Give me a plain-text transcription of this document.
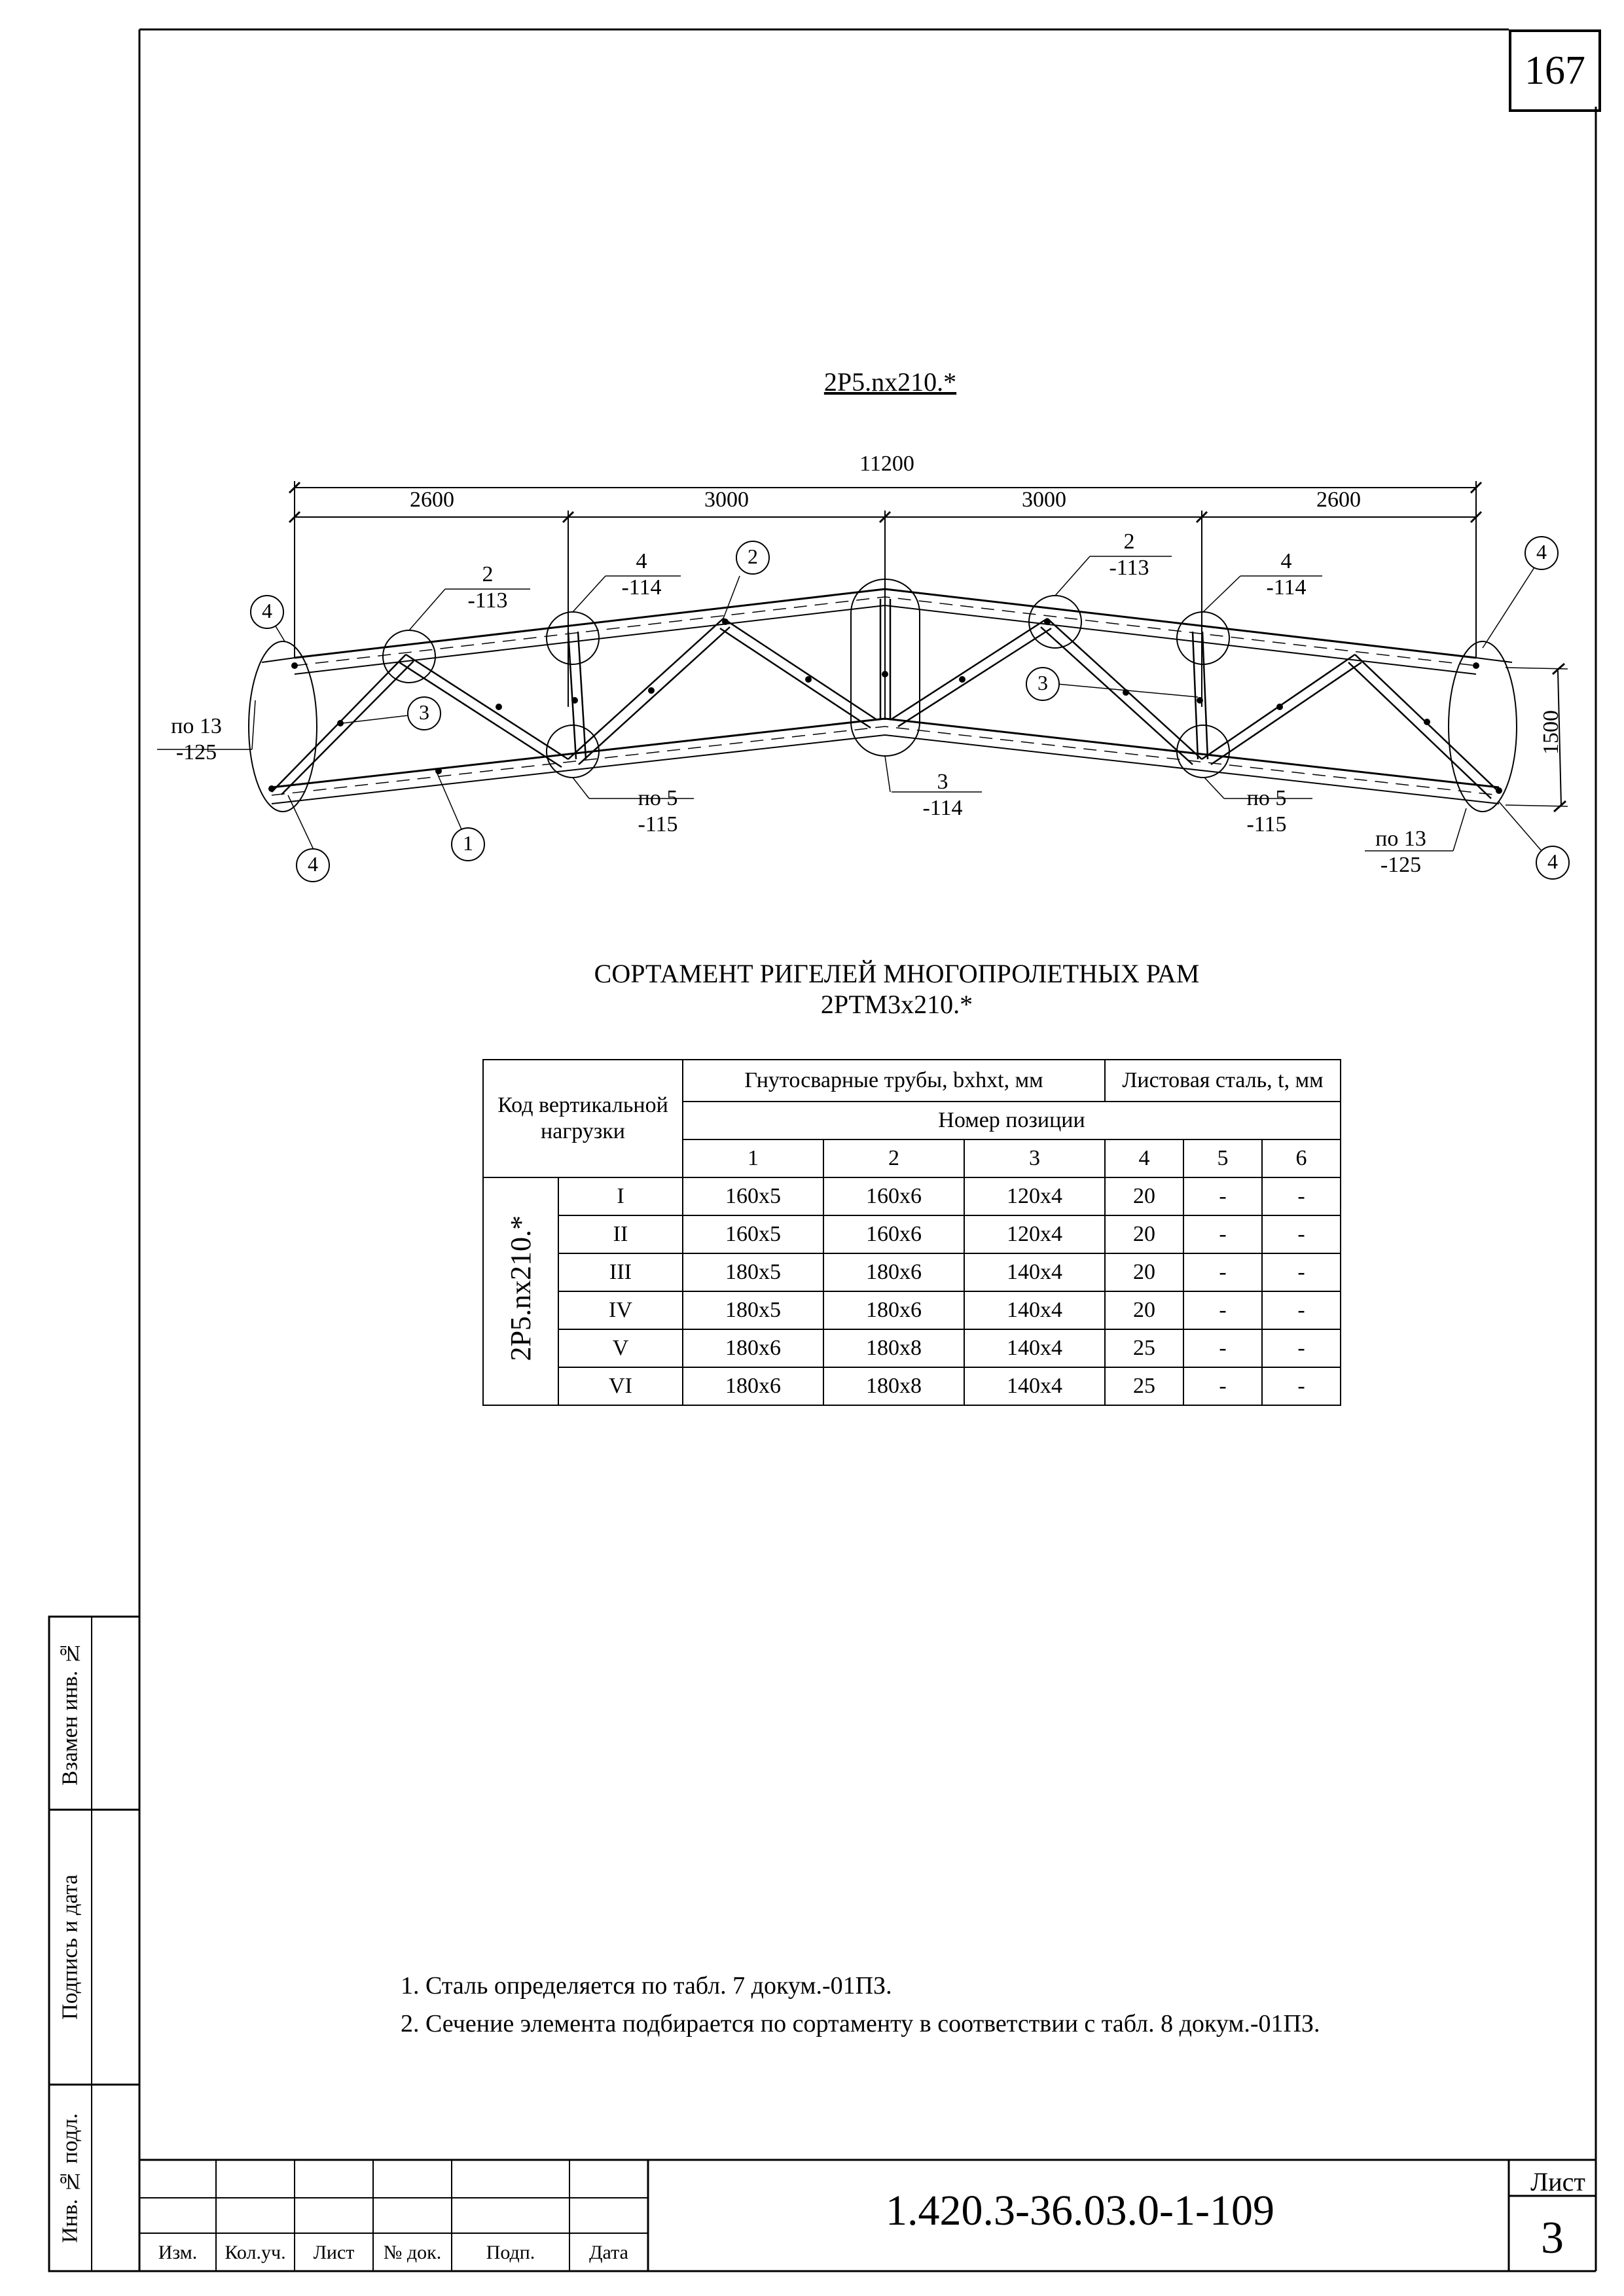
167
2Р5.nх210.*
11200
2600	3000	3000	2600
1500
4
3
2
3
4
1
4	4
2
-113
4
-114
2
-113	4
-114
по 13
-125
по 5
-115
3
-114	по 5
-115
по 13
-125
СОРТАМЕНТ РИГЕЛЕЙ МНОГОПРОЛЕТНЫХ РАМ
2РТМ3х210.*
Код вертикальной нагрузки		Гнутосварные трубы, bxhxt, мм			Листовая сталь, t, мм		
		Номер позиции					
		1	2	3	4	5	6
2Р5.nх210.*	I	160х5	160х6	120х4	20	-	-
	II	160х5	160х6	120х4	20	-	-
	III	180х5	180х6	140х4	20	-	-
	IV	180х5	180х6	140х4	20	-	-
	V	180х6	180х8	140х4	25	-	-
	VI	180х6	180х8	140х4	25	-	-
1. Сталь определяется по табл. 7 докум.-01ПЗ.
2. Сечение элемента подбирается по сортаменту в соответствии с табл. 8 докум.-01ПЗ.
Взамен инв. №
Подпись и дата
Инв. № подл.
Изм.	Кол.уч.	Лист	№ док.	Подп.	Дата
1.420.3-36.03.0-1-109
Лист
3
